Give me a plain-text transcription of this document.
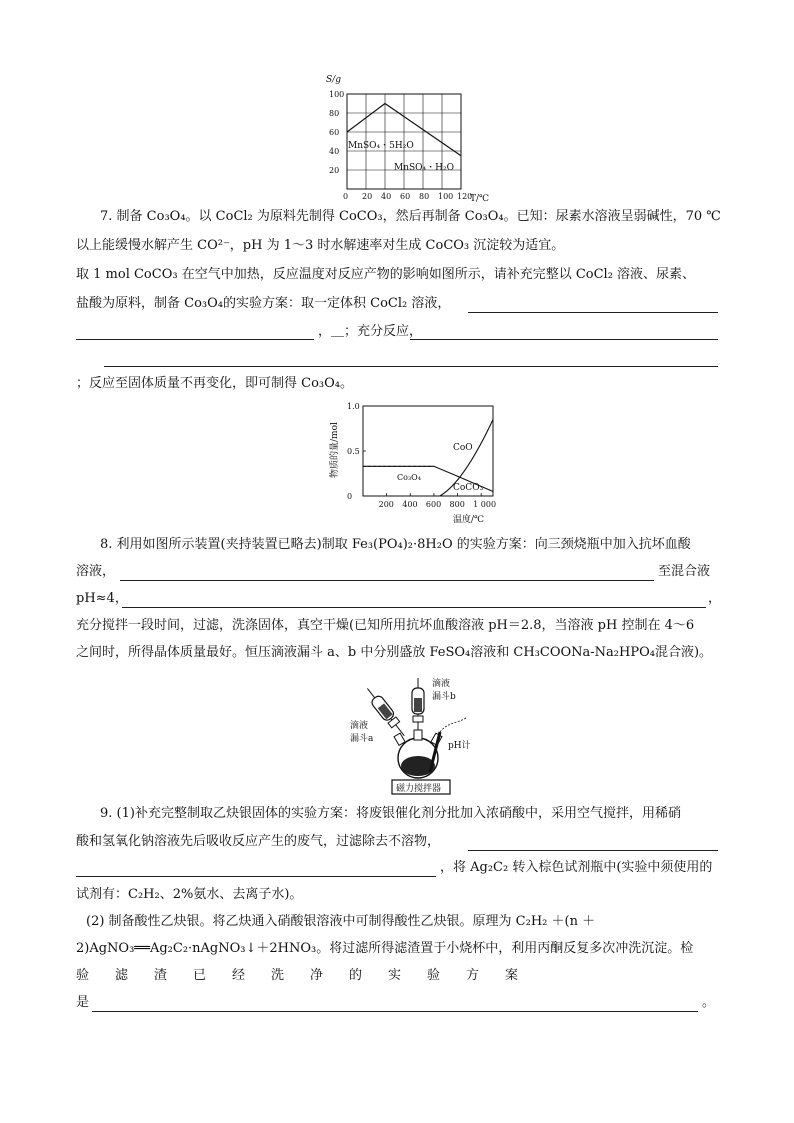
S/g
T/℃
0 20 40 60 80 100 120
20
40
60
80
100
MnSO₄・5H₂O
MnSO₄・H₂O
7. 制备 Co₃O₄。以 CoCl₂ 为原料先制得 CoCO₃，然后再制备 Co₃O₄。已知：尿素水溶液呈弱碱性，70 ℃
以上能缓慢水解产生 CO²⁻，pH 为 1～3 时水解速率对生成 CoCO₃ 沉淀较为适宜。
取 1 mol CoCO₃ 在空气中加热，反应温度对反应产物的影响如图所示，请补充完整以 CoCl₂ 溶液、尿素、
盐酸为原料，制备 Co₃O₄的实验方案：取一定体积 CoCl₂ 溶液，
，＿；充分反应，
；反应至固体质量不再变化，即可制得 Co₃O₄。
物质的量/mol
温度/℃
200 400 600 800 1 000
0
0.5
1.0
CoO
Co₃O₄
CoCO₃
8. 利用如图所示装置(夹持装置已略去)制取 Fe₃(PO₄)₂·8H₂O 的实验方案：向三颈烧瓶中加入抗坏血酸
溶液，	至混合液
pH≈4，	，
充分搅拌一段时间，过滤，洗涤固体，真空干燥(已知所用抗坏血酸溶液 pH＝2.8，当溶液 pH 控制在 4～6
之间时，所得晶体质量最好。恒压滴液漏斗 a、b 中分别盛放 FeSO₄溶液和 CH₃COONa-Na₂HPO₄混合液)。
磁力搅拌器
滴液
漏斗b
滴液
漏斗a
pH计
9. (1)补充完整制取乙炔银固体的实验方案：将废银催化剂分批加入浓硝酸中，采用空气搅拌，用稀硝
酸和氢氧化钠溶液先后吸收反应产生的废气，过滤除去不溶物，
，将 Ag₂C₂ 转入棕色试剂瓶中(实验中须使用的
试剂有：C₂H₂、2%氨水、去离子水)。
(2) 制备酸性乙炔银。将乙炔通入硝酸银溶液中可制得酸性乙炔银。原理为 C₂H₂ ＋(n ＋
2)AgNO₃══Ag₂C₂·nAgNO₃↓＋2HNO₃。将过滤所得滤渣置于小烧杯中，利用丙酮反复多次冲洗沉淀。检
验　　滤　　渣　　已　　经　　洗　　净　　的　　实　　验　　方　　案
是	。
